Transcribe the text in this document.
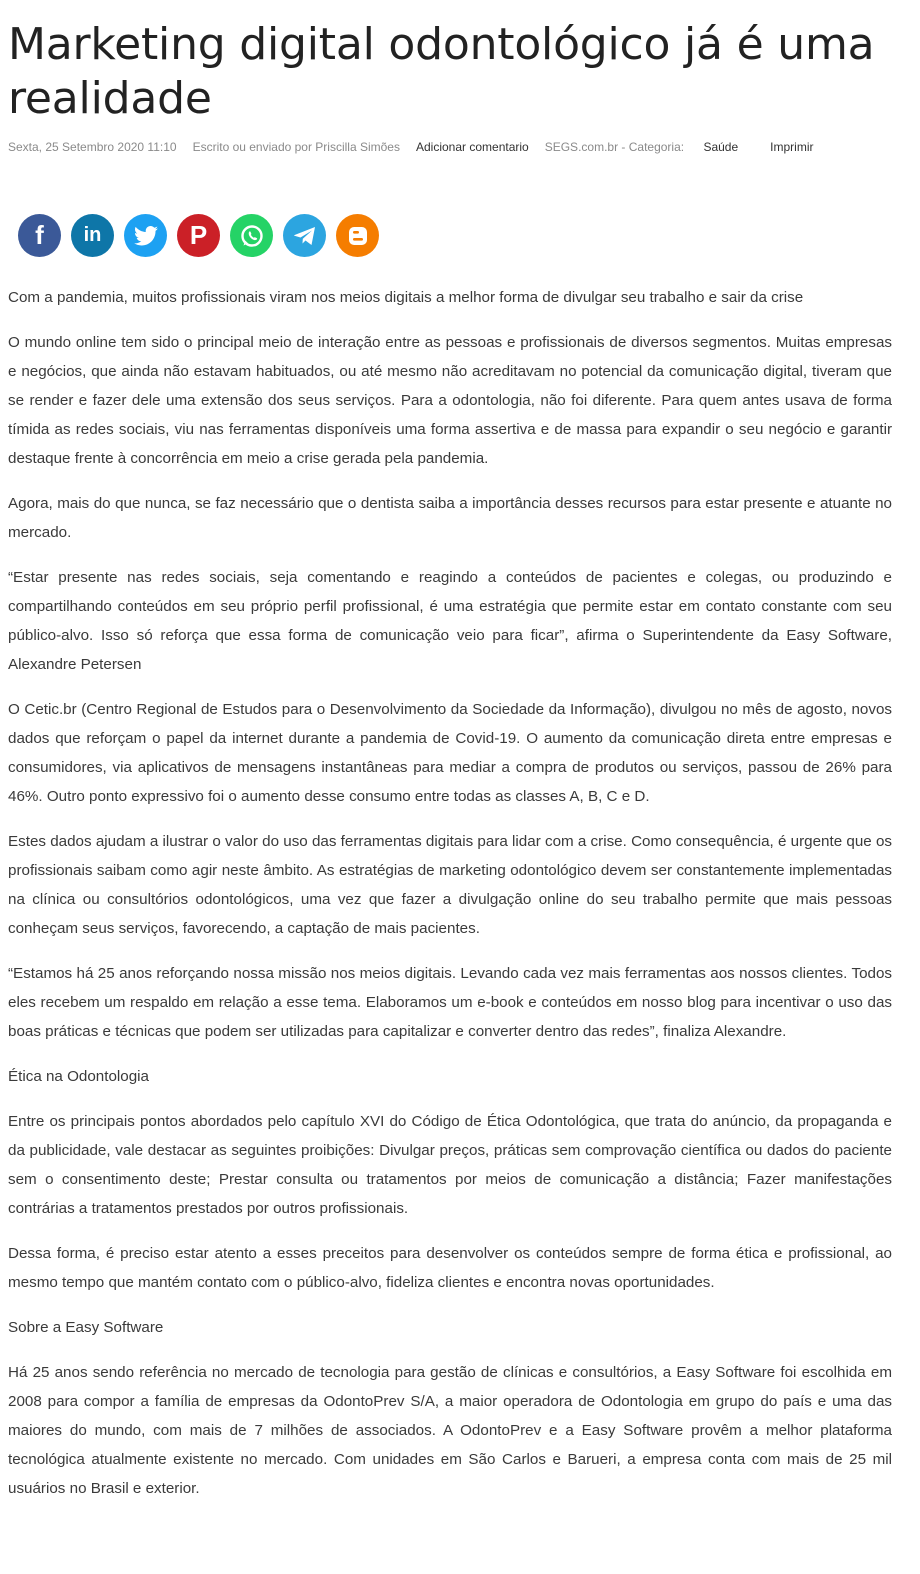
Marketing digital odontológico já é uma realidade
Sexta, 25 Setembro 2020 11:10 Escrito ou enviado por Priscilla Simões Adicionar comentario SEGS.com.br - Categoria: Saúde	Imprimir
f	in	P

Com a pandemia, muitos profissionais viram nos meios digitais a melhor forma de divulgar seu trabalho e sair da crise

O mundo online tem sido o principal meio de interação entre as pessoas e profissionais de diversos segmentos. Muitas empresas e negócios, que ainda não estavam habituados, ou até mesmo não acreditavam no potencial da comunicação digital, tiveram que se render e fazer dele uma extensão dos seus serviços. Para a odontologia, não foi diferente. Para quem antes usava de forma tímida as redes sociais, viu nas ferramentas disponíveis uma forma assertiva e de massa para expandir o seu negócio e garantir destaque frente à concorrência em meio a crise gerada pela pandemia.

Agora, mais do que nunca, se faz necessário que o dentista saiba a importância desses recursos para estar presente e atuante no mercado.

“Estar presente nas redes sociais, seja comentando e reagindo a conteúdos de pacientes e colegas, ou produzindo e compartilhando conteúdos em seu próprio perfil profissional, é uma estratégia que permite estar em contato constante com seu público-alvo. Isso só reforça que essa forma de comunicação veio para ficar”, afirma o Superintendente da Easy Software, Alexandre Petersen

O Cetic.br (Centro Regional de Estudos para o Desenvolvimento da Sociedade da Informação), divulgou no mês de agosto, novos dados que reforçam o papel da internet durante a pandemia de Covid-19. O aumento da comunicação direta entre empresas e consumidores, via aplicativos de mensagens instantâneas para mediar a compra de produtos ou serviços, passou de 26% para 46%. Outro ponto expressivo foi o aumento desse consumo entre todas as classes A, B, C e D.

Estes dados ajudam a ilustrar o valor do uso das ferramentas digitais para lidar com a crise. Como consequência, é urgente que os profissionais saibam como agir neste âmbito. As estratégias de marketing odontológico devem ser constantemente implementadas na clínica ou consultórios odontológicos, uma vez que fazer a divulgação online do seu trabalho permite que mais pessoas conheçam seus serviços, favorecendo, a captação de mais pacientes.

“Estamos há 25 anos reforçando nossa missão nos meios digitais. Levando cada vez mais ferramentas aos nossos clientes. Todos eles recebem um respaldo em relação a esse tema. Elaboramos um e-book e conteúdos em nosso blog para incentivar o uso das boas práticas e técnicas que podem ser utilizadas para capitalizar e converter dentro das redes”, finaliza Alexandre.

Ética na Odontologia

Entre os principais pontos abordados pelo capítulo XVI do Código de Ética Odontológica, que trata do anúncio, da propaganda e da publicidade, vale destacar as seguintes proibições: Divulgar preços, práticas sem comprovação científica ou dados do paciente sem o consentimento deste; Prestar consulta ou tratamentos por meios de comunicação a distância; Fazer manifestações contrárias a tratamentos prestados por outros profissionais.

Dessa forma, é preciso estar atento a esses preceitos para desenvolver os conteúdos sempre de forma ética e profissional, ao mesmo tempo que mantém contato com o público-alvo, fideliza clientes e encontra novas oportunidades.

Sobre a Easy Software

Há 25 anos sendo referência no mercado de tecnologia para gestão de clínicas e consultórios, a Easy Software foi escolhida em 2008 para compor a família de empresas da OdontoPrev S/A, a maior operadora de Odontologia em grupo do país e uma das maiores do mundo, com mais de 7 milhões de associados. A OdontoPrev e a Easy Software provêm a melhor plataforma tecnológica atualmente existente no mercado. Com unidades em São Carlos e Barueri, a empresa conta com mais de 25 mil usuários no Brasil e exterior.
